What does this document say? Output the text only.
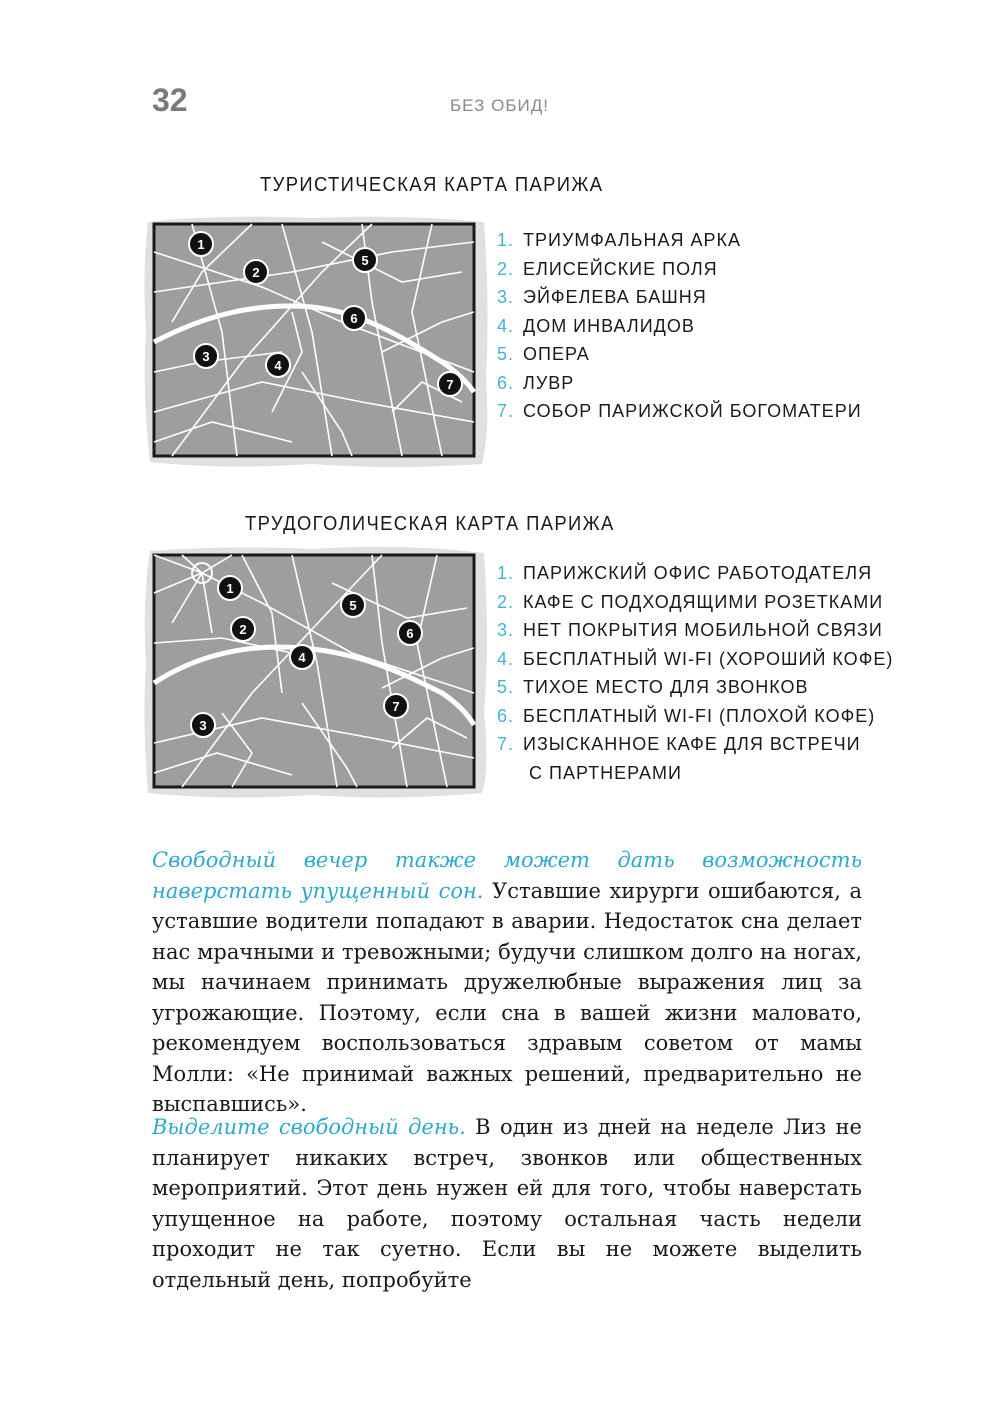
32	БЕЗ ОБИД!
ТУРИСТИЧЕСКАЯ КАРТА ПАРИЖА
1
2
3
4
5
6
7
1. ТРИУМФАЛЬНАЯ АРКА
2. ЕЛИСЕЙСКИЕ ПОЛЯ
3. ЭЙФЕЛЕВА БАШНЯ
4. ДОМ ИНВАЛИДОВ
5. ОПЕРА
6. ЛУВР
7. СОБОР ПАРИЖСКОЙ БОГОМАТЕРИ
ТРУДОГОЛИЧЕСКАЯ КАРТА ПАРИЖА
1
2
3
4
5
6
7
1. ПАРИЖСКИЙ ОФИС РАБОТОДАТЕЛЯ
2. КАФЕ С ПОДХОДЯЩИМИ РОЗЕТКАМИ
3. НЕТ ПОКРЫТИЯ МОБИЛЬНОЙ СВЯЗИ
4. БЕСПЛАТНЫЙ WI-FI (ХОРОШИЙ КОФЕ)
5. ТИХОЕ МЕСТО ДЛЯ ЗВОНКОВ
6. БЕСПЛАТНЫЙ WI-FI (ПЛОХОЙ КОФЕ)
7. ИЗЫСКАННОЕ КАФЕ ДЛЯ ВСТРЕЧИ
С ПАРТНЕРАМИ

Свободный вечер также может дать возможность наверстать упущенный сон. Уставшие хирурги ошибаются, а уставшие водители попадают в аварии. Недостаток сна делает нас мрачными и тревожными; будучи слишком долго на ногах, мы начинаем принимать дружелюбные выражения лиц за угрожающие. Поэтому, если сна в вашей жизни маловато, рекомендуем воспользоваться здравым советом от мамы Молли: «Не принимай важных решений, предварительно не выспавшись».

Выделите свободный день. В один из дней на неделе Лиз не планирует никаких встреч, звонков или общественных мероприятий. Этот день нужен ей для того, чтобы наверстать упущенное на работе, поэтому остальная часть недели проходит не так суетно. Если вы не можете выделить отдельный день, попробуйте
